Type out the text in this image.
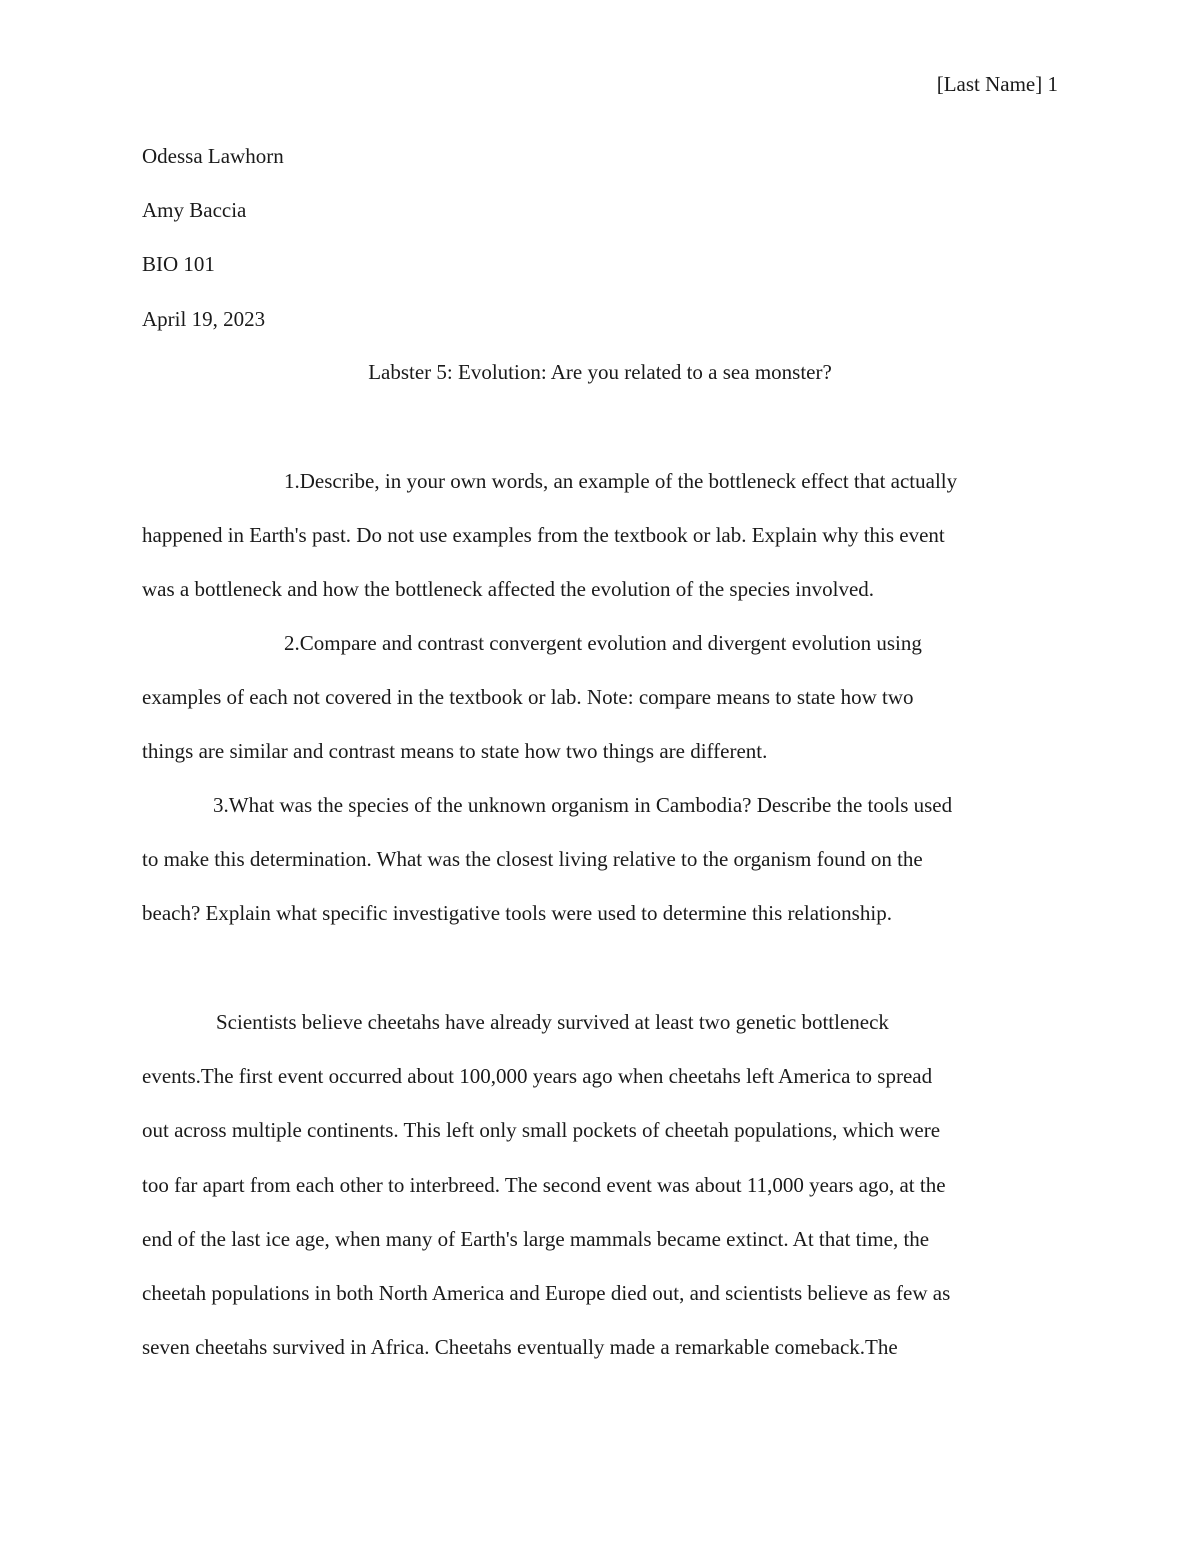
[Last Name] 1
Odessa Lawhorn
Amy Baccia
BIO 101
April 19, 2023
Labster 5: Evolution: Are you related to a sea monster?
1.Describe, in your own words, an example of the bottleneck effect that actually
happened in Earth's past. Do not use examples from the textbook or lab. Explain why this event
was a bottleneck and how the bottleneck affected the evolution of the species involved.
2.Compare and contrast convergent evolution and divergent evolution using
examples of each not covered in the textbook or lab. Note: compare means to state how two
things are similar and contrast means to state how two things are different.
3.What was the species of the unknown organism in Cambodia? Describe the tools used
to make this determination. What was the closest living relative to the organism found on the
beach? Explain what specific investigative tools were used to determine this relationship.
Scientists believe cheetahs have already survived at least two genetic bottleneck
events.The first event occurred about 100,000 years ago when cheetahs left America to spread
out across multiple continents. This left only small pockets of cheetah populations, which were
too far apart from each other to interbreed. The second event was about 11,000 years ago, at the
end of the last ice age, when many of Earth's large mammals became extinct. At that time, the
cheetah populations in both North America and Europe died out, and scientists believe as few as
seven cheetahs survived in Africa. Cheetahs eventually made a remarkable comeback.The
